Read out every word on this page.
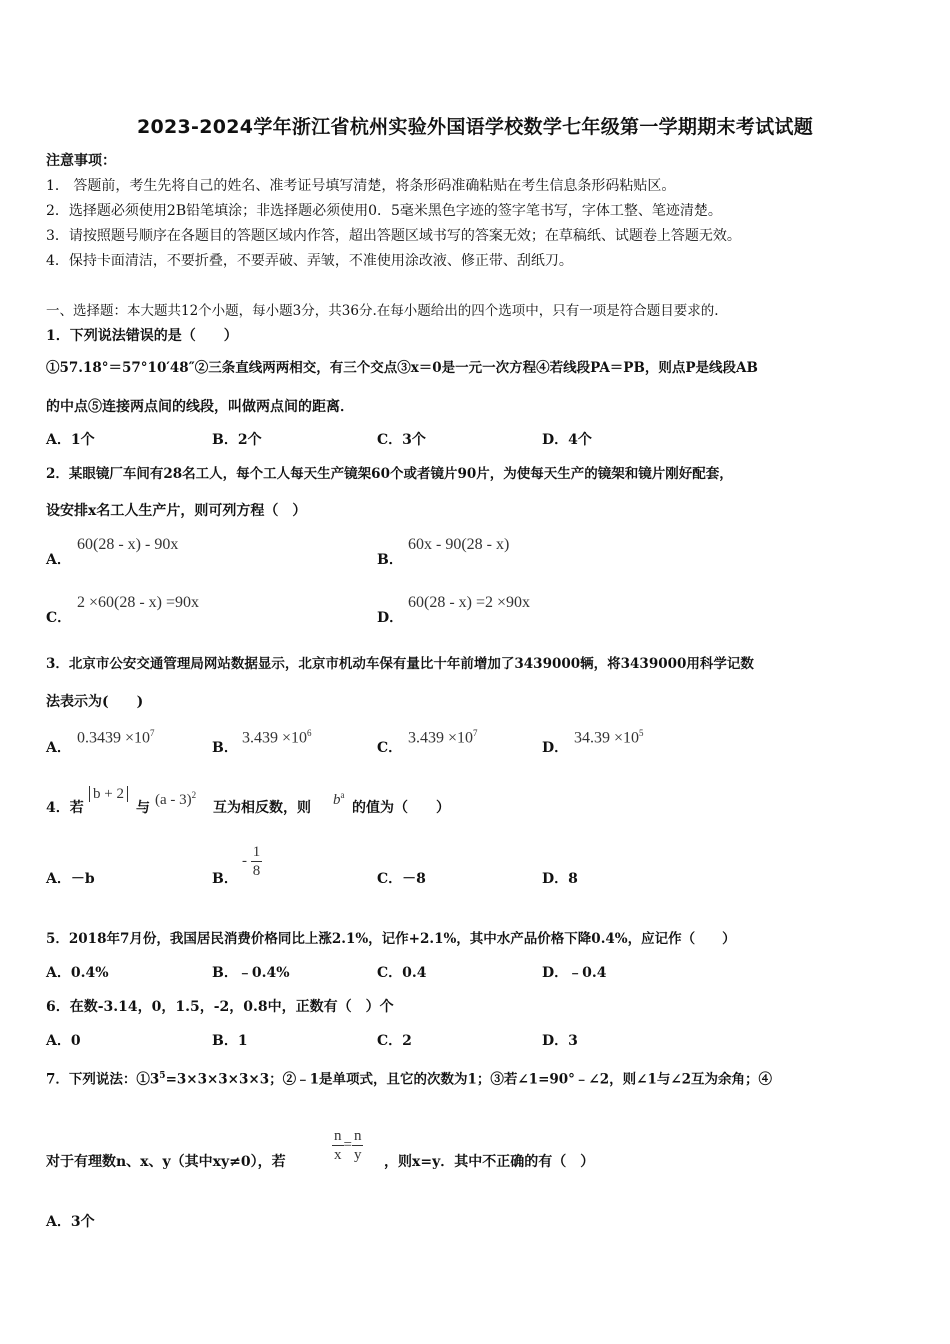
2023-2024学年浙江省杭州实验外国语学校数学七年级第一学期期末考试试题
注意事项：
1． 答题前，考生先将自己的姓名、准考证号填写清楚，将条形码准确粘贴在考生信息条形码粘贴区。
2．选择题必须使用2B铅笔填涂；非选择题必须使用0．5毫米黑色字迹的签字笔书写，字体工整、笔迹清楚。
3．请按照题号顺序在各题目的答题区域内作答，超出答题区域书写的答案无效；在草稿纸、试题卷上答题无效。
4．保持卡面清洁，不要折叠，不要弄破、弄皱，不准使用涂改液、修正带、刮纸刀。
一、选择题：本大题共12个小题，每小题3分，共36分.在每小题给出的四个选项中，只有一项是符合题目要求的.
1．下列说法错误的是（　　）
①57.18°＝57°10′48″②三条直线两两相交，有三个交点③x＝0是一元一次方程④若线段PA＝PB，则点P是线段AB
的中点⑤连接两点间的线段，叫做两点间的距离．
A．1个	B．2个	C．3个	D．4个
2．某眼镜厂车间有28名工人，每个工人每天生产镜架60个或者镜片90片，为使每天生产的镜架和镜片刚好配套，
设安排x名工人生产片，则可列方程（　）
A．
60(28 - x) - 90x
B．
60x - 90(28 - x)
C．
2 ×60(28 - x) =90x
D．
60(28 - x) =2 ×90x
3．北京市公安交通管理局网站数据显示，北京市机动车保有量比十年前增加了3439000辆，将3439000用科学记数
法表示为(　　)
A．
$0.3439 \times 10^7$
B．
$3.439 \times 10^6$
C．
$3.439 \times 10^7$
D．
$34.39 \times 10^5$
4．若
b + 2
与 (a - 3)$^2$
互为相反数，则 $b^a$
的值为（　　）
A．－b	B．
- $\frac{1}{8}$	C．－8	D．8
5．2018年7月份，我国居民消费价格同比上涨2.1%，记作+2.1%，其中水产品价格下降0.4%，应记作（　　）
A．0.4%	B．﹣0.4%	C．0.4	D．﹣0.4
6．在数-3.14，0，1.5，-2，0.8中，正数有（　）个
A．0	B．1	C．2	D．3
7．下列说法：$①3^5=3\times 3\times 3\times 3\times 3$；②﹣1是单项式，且它的次数为1；③若∠1=90°﹣∠2，则∠1与∠2互为余角；④
对于有理数n、x、y（其中xy≠0），若	$\frac{n}{x} = \frac{n}{y}$ ，则x=y．其中不正确的有（　）
A．3个
